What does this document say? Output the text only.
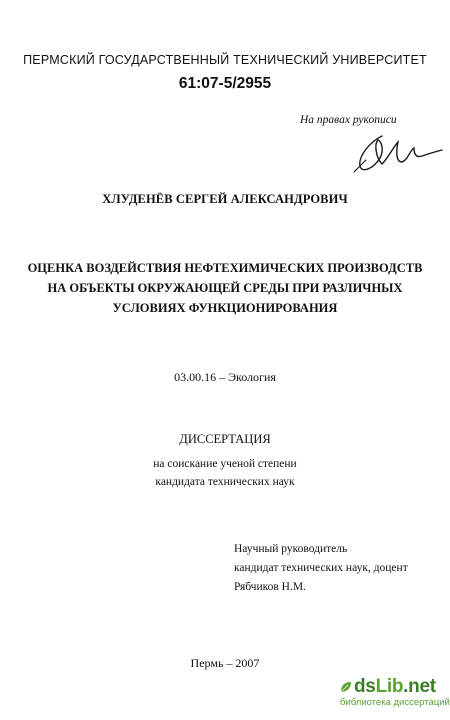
ПЕРМСКИЙ ГОСУДАРСТВЕННЫЙ ТЕХНИЧЕСКИЙ УНИВЕРСИТЕТ
61:07-5/2955
На правах рукописи
ХЛУДЕНЁВ СЕРГЕЙ АЛЕКСАНДРОВИЧ
ОЦЕНКА ВОЗДЕЙСТВИЯ НЕФТЕХИМИЧЕСКИХ ПРОИЗВОДСТВ
НА ОБЪЕКТЫ ОКРУЖАЮЩЕЙ СРЕДЫ ПРИ РАЗЛИЧНЫХ
УСЛОВИЯХ ФУНКЦИОНИРОВАНИЯ
03.00.16 – Экология
ДИССЕРТАЦИЯ
на соискание ученой степени
кандидата технических наук
Научный руководитель
кандидат технических наук, доцент
Рябчиков Н.М.
Пермь – 2007
dsLib.net
библиотека диссертаций
